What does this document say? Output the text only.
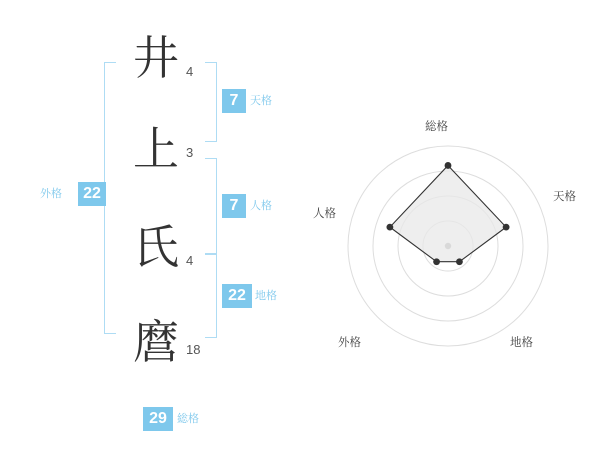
22
外格
井 4
上 3
氏 4
麿 18
7	天格
7	人格
22 地格
29 総格
総格
天格
地格
外格
人格
